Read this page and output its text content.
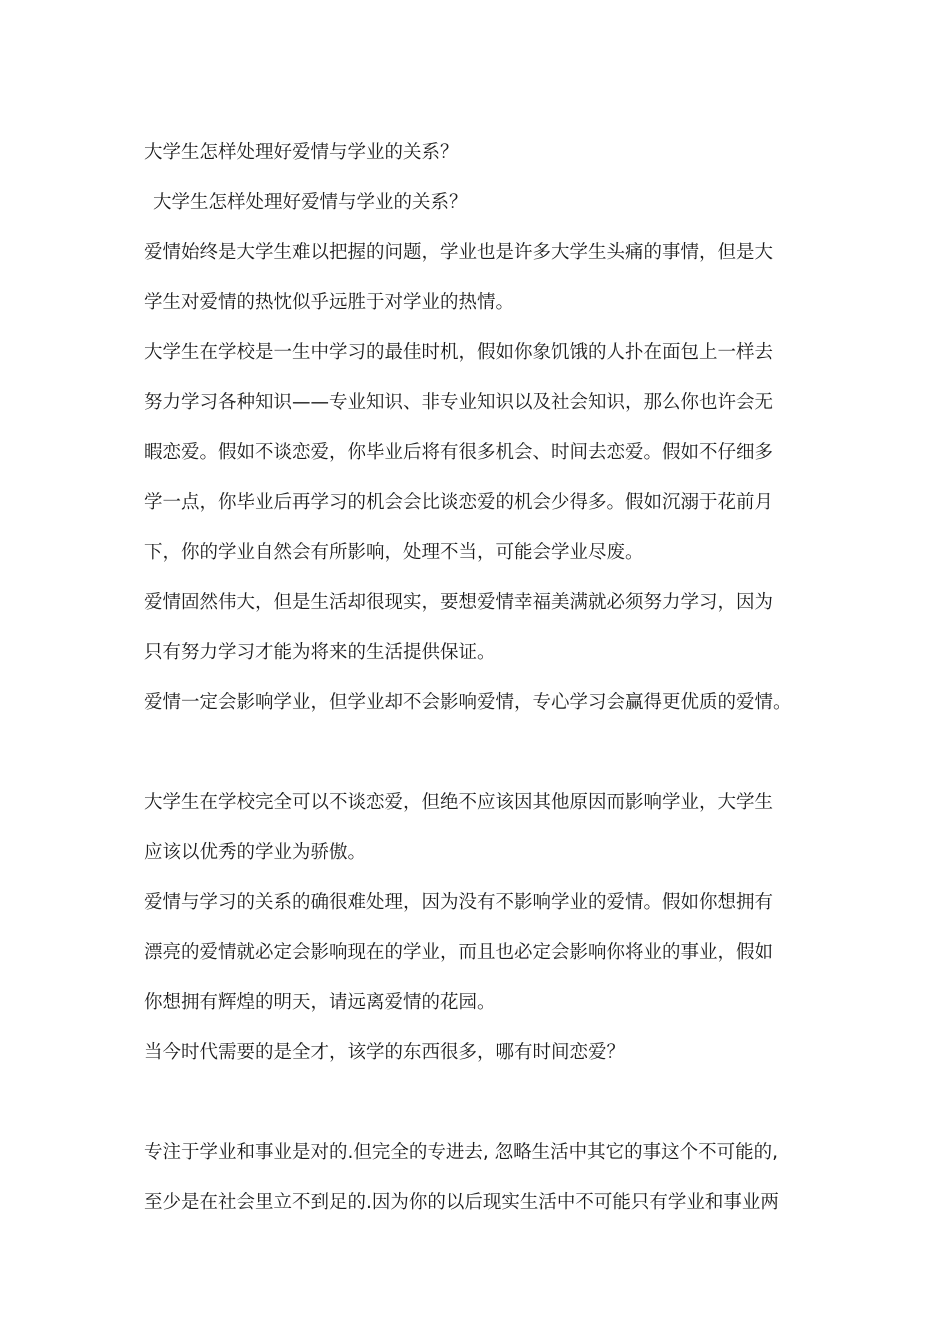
大学生怎样处理好爱情与学业的关系？
大学生怎样处理好爱情与学业的关系？
爱情始终是大学生难以把握的问题，学业也是许多大学生头痛的事情，但是大
学生对爱情的热忱似乎远胜于对学业的热情。
大学生在学校是一生中学习的最佳时机，假如你象饥饿的人扑在面包上一样去
努力学习各种知识——专业知识、非专业知识以及社会知识，那么你也许会无
暇恋爱。假如不谈恋爱，你毕业后将有很多机会、时间去恋爱。假如不仔细多
学一点，你毕业后再学习的机会会比谈恋爱的机会少得多。假如沉溺于花前月
下，你的学业自然会有所影响，处理不当，可能会学业尽废。
爱情固然伟大，但是生活却很现实，要想爱情幸福美满就必须努力学习，因为
只有努力学习才能为将来的生活提供保证。
爱情一定会影响学业，但学业却不会影响爱情，专心学习会赢得更优质的爱情。
大学生在学校完全可以不谈恋爱，但绝不应该因其他原因而影响学业，大学生
应该以优秀的学业为骄傲。
爱情与学习的关系的确很难处理，因为没有不影响学业的爱情。假如你想拥有
漂亮的爱情就必定会影响现在的学业，而且也必定会影响你将业的事业，假如
你想拥有辉煌的明天，请远离爱情的花园。
当今时代需要的是全才，该学的东西很多，哪有时间恋爱？
专注于学业和事业是对的.但完全的专进去, 忽略生活中其它的事这个不可能的,
至少是在社会里立不到足的.因为你的以后现实生活中不可能只有学业和事业两
